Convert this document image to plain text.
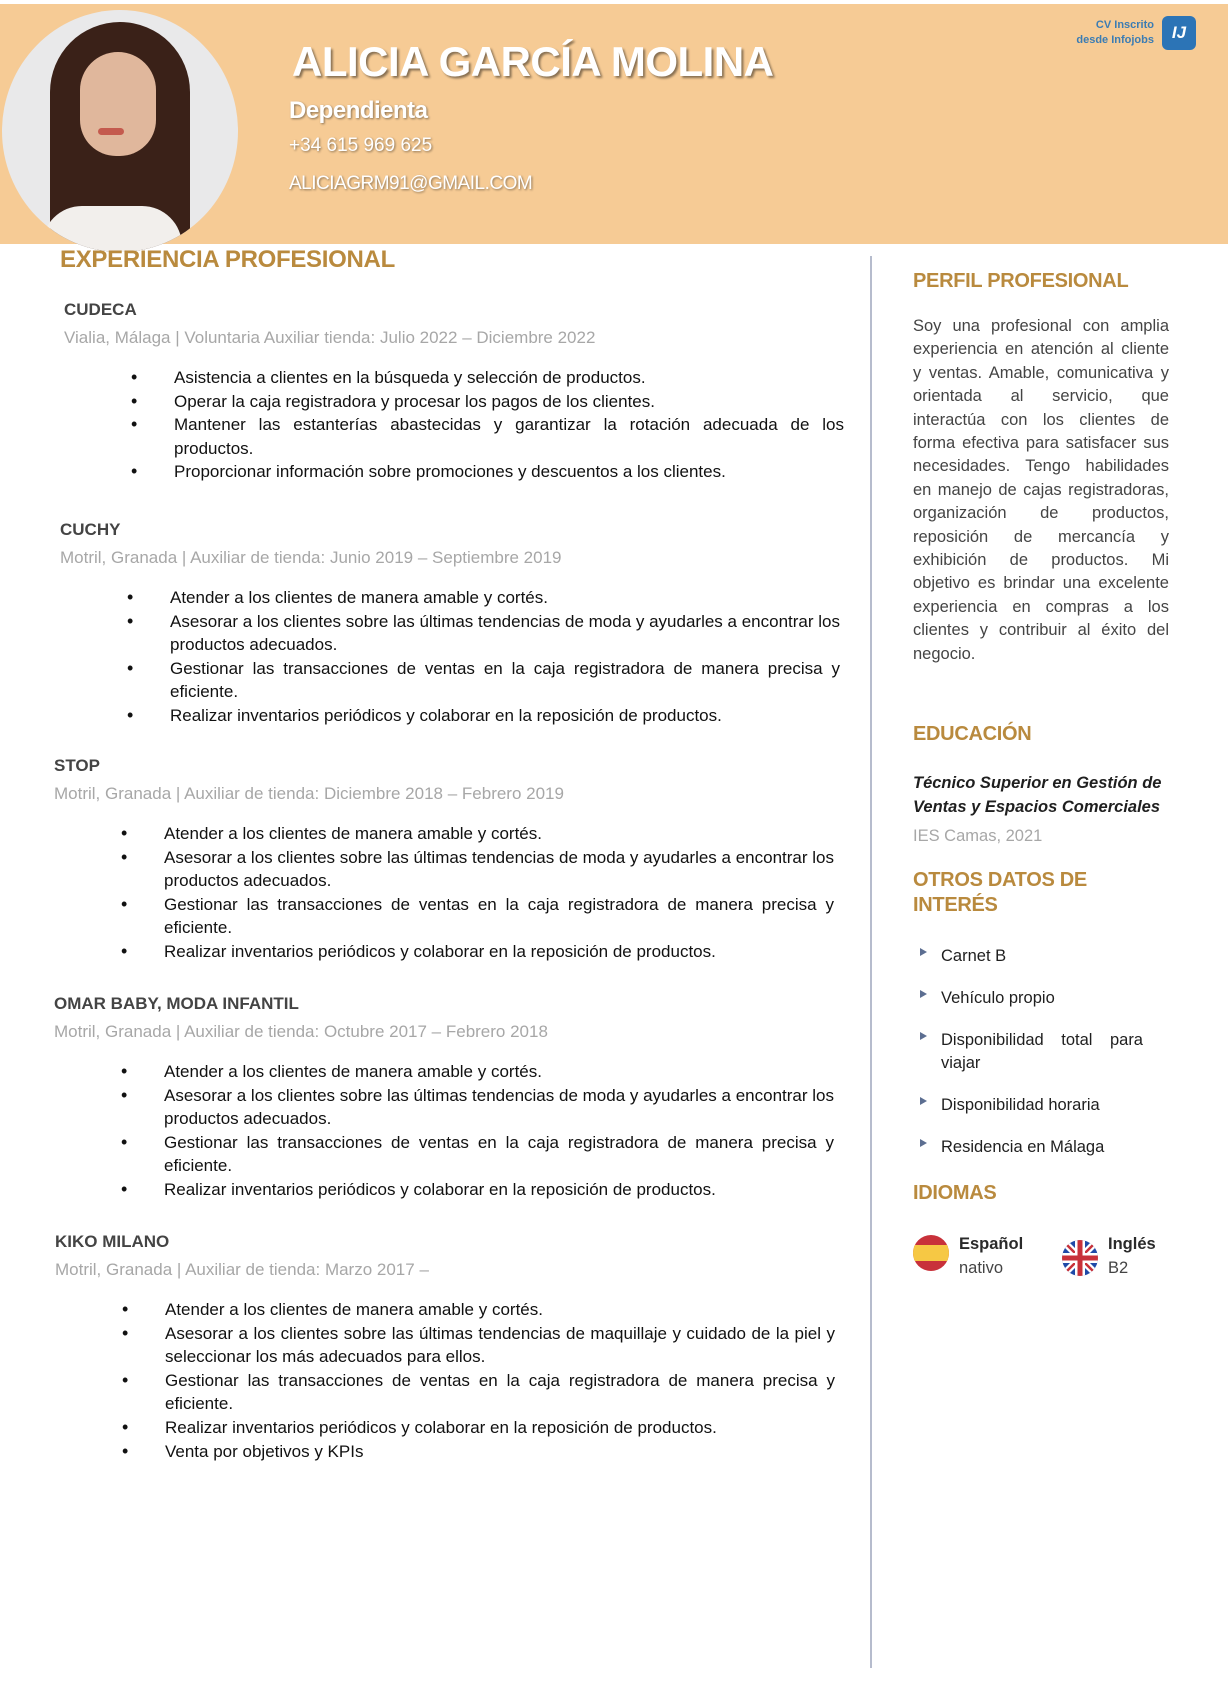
ALICIA GARCÍA MOLINA
Dependienta
+34 615 969 625
ALICIAGRM91@GMAIL.COM
CV Inscrito
desde Infojobs	IJ
EXPERIENCIA PROFESIONAL
CUDECA
Vialia, Málaga | Voluntaria Auxiliar tienda: Julio 2022 – Diciembre 2022
• Asistencia a clientes en la búsqueda y selección de productos.
• Operar la caja registradora y procesar los pagos de los clientes.
• Mantener las estanterías abastecidas y garantizar la rotación adecuada de los productos.
• Proporcionar información sobre promociones y descuentos a los clientes.
CUCHY
Motril, Granada | Auxiliar de tienda: Junio 2019 – Septiembre 2019
• Atender a los clientes de manera amable y cortés.
• Asesorar a los clientes sobre las últimas tendencias de moda y ayudarles a encontrar los productos adecuados.
• Gestionar las transacciones de ventas en la caja registradora de manera precisa y eficiente.
• Realizar inventarios periódicos y colaborar en la reposición de productos.
STOP
Motril, Granada | Auxiliar de tienda: Diciembre 2018 – Febrero 2019
• Atender a los clientes de manera amable y cortés.
• Asesorar a los clientes sobre las últimas tendencias de moda y ayudarles a encontrar los productos adecuados.
• Gestionar las transacciones de ventas en la caja registradora de manera precisa y eficiente.
• Realizar inventarios periódicos y colaborar en la reposición de productos.
OMAR BABY, MODA INFANTIL
Motril, Granada | Auxiliar de tienda: Octubre 2017 – Febrero 2018
• Atender a los clientes de manera amable y cortés.
• Asesorar a los clientes sobre las últimas tendencias de moda y ayudarles a encontrar los productos adecuados.
• Gestionar las transacciones de ventas en la caja registradora de manera precisa y eficiente.
• Realizar inventarios periódicos y colaborar en la reposición de productos.
KIKO MILANO
Motril, Granada | Auxiliar de tienda: Marzo 2017 –
• Atender a los clientes de manera amable y cortés.
• Asesorar a los clientes sobre las últimas tendencias de maquillaje y cuidado de la piel y seleccionar los más adecuados para ellos.
• Gestionar las transacciones de ventas en la caja registradora de manera precisa y eficiente.
• Realizar inventarios periódicos y colaborar en la reposición de productos.
• Venta por objetivos y KPIs
PERFIL PROFESIONAL
Soy una profesional con amplia experiencia en atención al cliente y ventas. Amable, comunicativa y orientada al servicio, que interactúa con los clientes de forma efectiva para satisfacer sus necesidades. Tengo habilidades en manejo de cajas registradoras, organización de productos, reposición de mercancía y exhibición de productos. Mi objetivo es brindar una excelente experiencia en compras a los clientes y contribuir al éxito del negocio.
EDUCACIÓN
Técnico Superior en Gestión de Ventas y Espacios Comerciales
IES Camas, 2021
OTROS DATOS DE INTERÉS
Carnet B
Vehículo propio
Disponibilidad total para viajar
Disponibilidad horaria
Residencia en Málaga
IDIOMAS
Español
nativo
Inglés
B2
